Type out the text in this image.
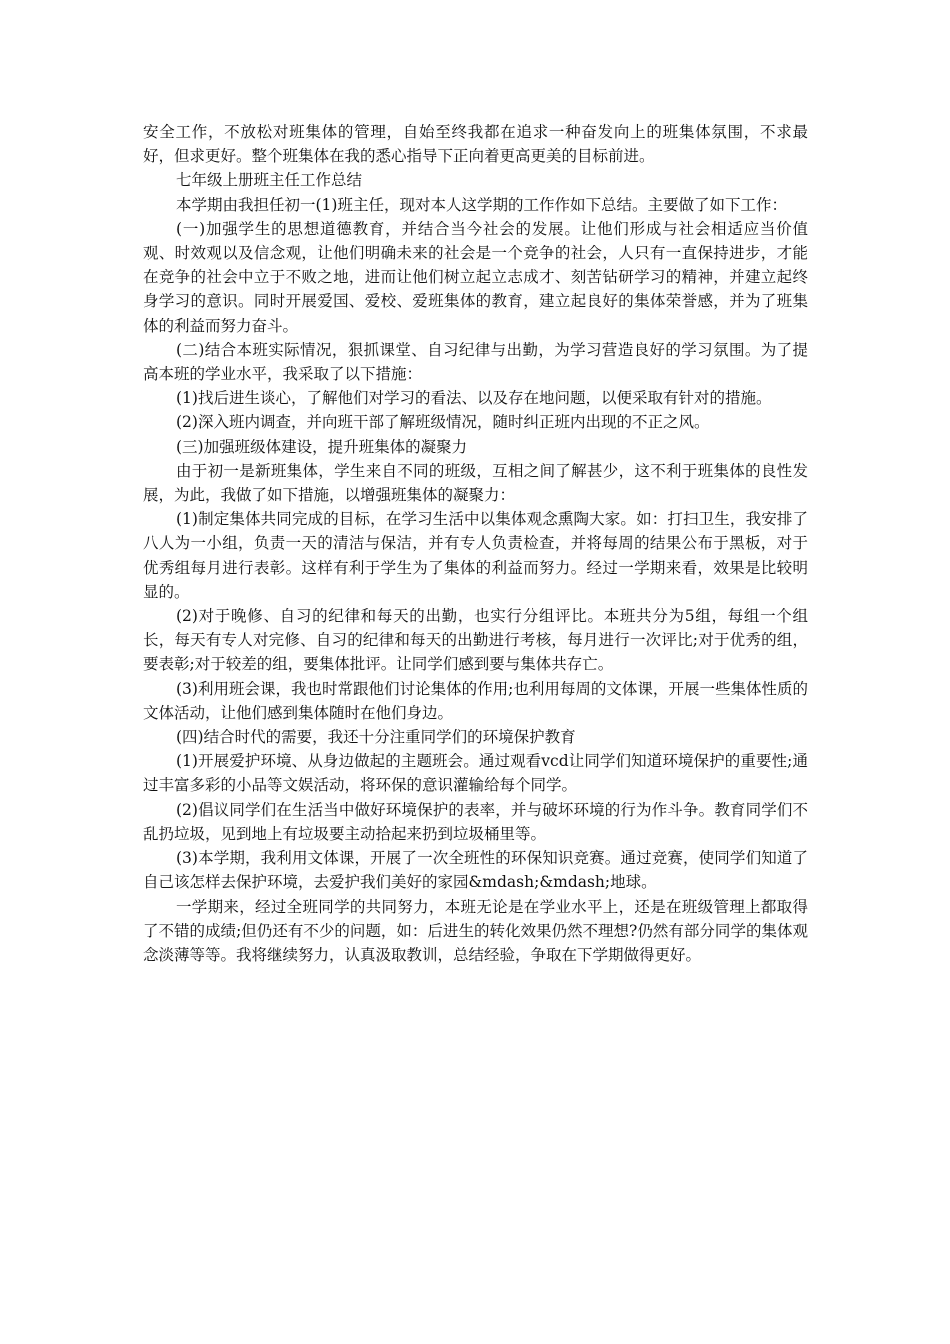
安全工作，不放松对班集体的管理，自始至终我都在追求一种奋发向上的班集体氛围，不求最好，但求更好。整个班集体在我的悉心指导下正向着更高更美的目标前进。

七年级上册班主任工作总结

本学期由我担任初一(1)班主任，现对本人这学期的工作作如下总结。主要做了如下工作：

(一)加强学生的思想道德教育，并结合当今社会的发展。让他们形成与社会相适应当价值观、时效观以及信念观，让他们明确未来的社会是一个竞争的社会，人只有一直保持进步，才能在竞争的社会中立于不败之地，进而让他们树立起立志成才、刻苦钻研学习的精神，并建立起终身学习的意识。同时开展爱国、爱校、爱班集体的教育，建立起良好的集体荣誉感，并为了班集体的利益而努力奋斗。

(二)结合本班实际情况，狠抓课堂、自习纪律与出勤，为学习营造良好的学习氛围。为了提高本班的学业水平，我采取了以下措施：

(1)找后进生谈心，了解他们对学习的看法、以及存在地问题，以便采取有针对的措施。

(2)深入班内调查，并向班干部了解班级情况，随时纠正班内出现的不正之风。

(三)加强班级体建设，提升班集体的凝聚力

由于初一是新班集体，学生来自不同的班级，互相之间了解甚少，这不利于班集体的良性发展，为此，我做了如下措施，以增强班集体的凝聚力：

(1)制定集体共同完成的目标，在学习生活中以集体观念熏陶大家。如：打扫卫生，我安排了八人为一小组，负责一天的清洁与保洁，并有专人负责检查，并将每周的结果公布于黑板，对于优秀组每月进行表彰。这样有利于学生为了集体的利益而努力。经过一学期来看，效果是比较明显的。

(2)对于晚修、自习的纪律和每天的出勤，也实行分组评比。本班共分为5组，每组一个组长，每天有专人对完修、自习的纪律和每天的出勤进行考核，每月进行一次评比;对于优秀的组，要表彰;对于较差的组，要集体批评。让同学们感到要与集体共存亡。

(3)利用班会课，我也时常跟他们讨论集体的作用;也利用每周的文体课，开展一些集体性质的文体活动，让他们感到集体随时在他们身边。

(四)结合时代的需要，我还十分注重同学们的环境保护教育

(1)开展爱护环境、从身边做起的主题班会。通过观看vcd让同学们知道环境保护的重要性;通过丰富多彩的小品等文娱活动，将环保的意识灌输给每个同学。

(2)倡议同学们在生活当中做好环境保护的表率，并与破坏环境的行为作斗争。教育同学们不乱扔垃圾，见到地上有垃圾要主动拾起来扔到垃圾桶里等。

(3)本学期，我利用文体课，开展了一次全班性的环保知识竞赛。通过竞赛，使同学们知道了自己该怎样去保护环境，去爱护我们美好的家园&mdash;&mdash;地球。

一学期来，经过全班同学的共同努力，本班无论是在学业水平上，还是在班级管理上都取得了不错的成绩;但仍还有不少的问题，如：后进生的转化效果仍然不理想?仍然有部分同学的集体观念淡薄等等。我将继续努力，认真汲取教训，总结经验，争取在下学期做得更好。
